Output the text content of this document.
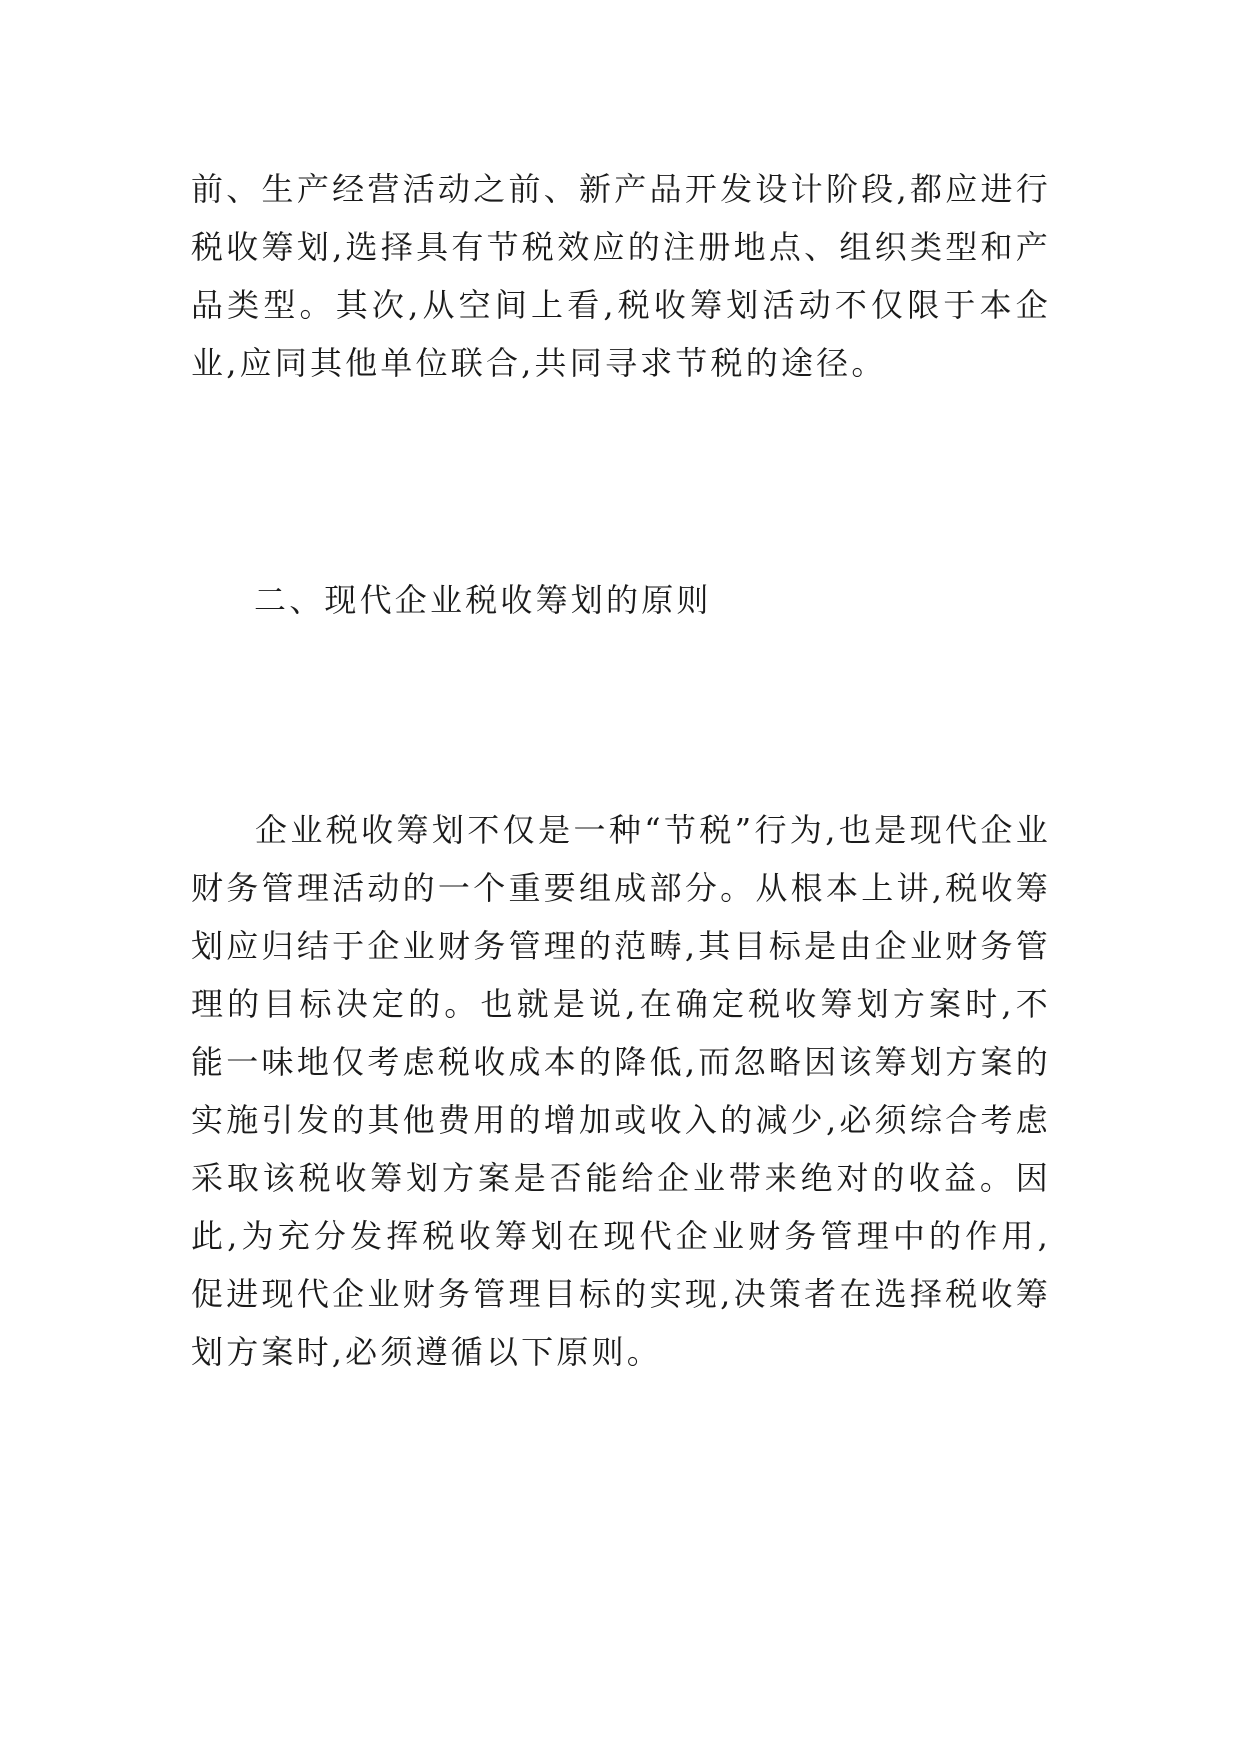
前、生产经营活动之前、新产品开发设计阶段,都应进行税收筹划,选择具有节税效应的注册地点、组织类型和产品类型。其次,从空间上看,税收筹划活动不仅限于本企业,应同其他单位联合,共同寻求节税的途径。

二、现代企业税收筹划的原则

企业税收筹划不仅是一种“节税”行为,也是现代企业财务管理活动的一个重要组成部分。从根本上讲,税收筹划应归结于企业财务管理的范畴,其目标是由企业财务管理的目标决定的。也就是说,在确定税收筹划方案时,不能一味地仅考虑税收成本的降低,而忽略因该筹划方案的实施引发的其他费用的增加或收入的减少,必须综合考虑采取该税收筹划方案是否能给企业带来绝对的收益。因此,为充分发挥税收筹划在现代企业财务管理中的作用,促进现代企业财务管理目标的实现,决策者在选择税收筹划方案时,必须遵循以下原则。
